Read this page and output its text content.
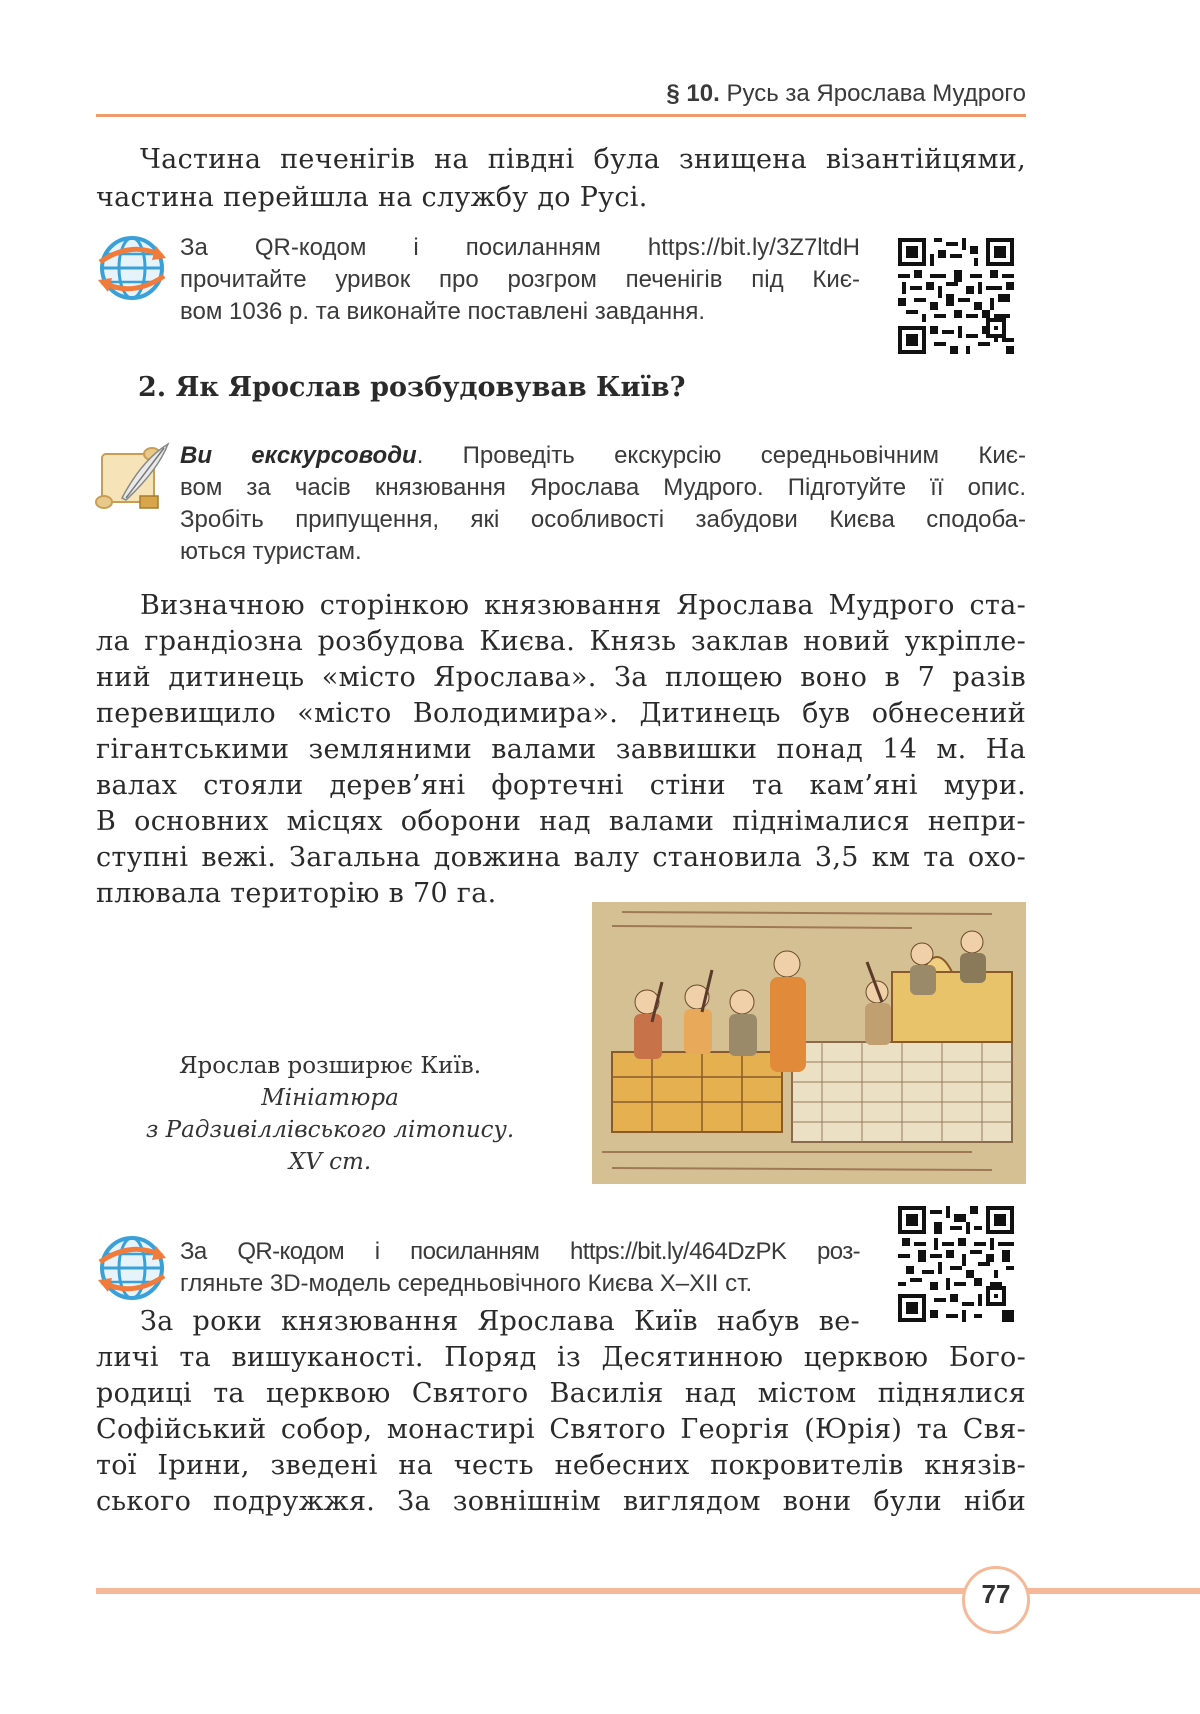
§ 10. Русь за Ярослава Мудрого
Частина печенігів на півдні була знищена візантійцями,
частина перейшла на службу до Русі.
За QR-кодом і посиланням https://bit.ly/3Z7ltdH
прочитайте уривок про розгром печенігів під Киє-
вом 1036 р. та виконайте поставлені завдання.
2. Як Ярослав розбудовував Київ?
Ви екскурсоводи. Проведіть екскурсію середньовічним Киє-
вом за часів князювання Ярослава Мудрого. Підготуйте її опис.
Зробіть припущення, які особливості забудови Києва сподоба-
ються туристам.
Визначною сторінкою князювання Ярослава Мудрого ста-
ла грандіозна розбудова Києва. Князь заклав новий укріпле-
ний дитинець «місто Ярослава». За площею воно в 7 разів
перевищило «місто Володимира». Дитинець був обнесений
гігантськими земляними валами заввишки понад 14 м. На
валах стояли дерев’яні фортечні стіни та кам’яні мури.
В основних місцях оборони над валами піднімалися непри-
ступні вежі. Загальна довжина валу становила 3,5 км та охо-
плювала територію в 70 га.
Ярослав розширює Київ.
Мініатюра
з Радзивіллівського літопису.
XV ст.
За QR-кодом і посиланням https://bit.ly/464DzPK роз-
гляньте 3D-модель середньовічного Києва X–XII ст.
За роки князювання Ярослава Київ набув ве-
личі та вишуканості. Поряд із Десятинною церквою Бого-
родиці та церквою Святого Василія над містом піднялися
Софійський собор, монастирі Святого Георгія (Юрія) та Свя-
тої Ірини, зведені на честь небесних покровителів князів-
ського подружжя. За зовнішнім виглядом вони були ніби
77
